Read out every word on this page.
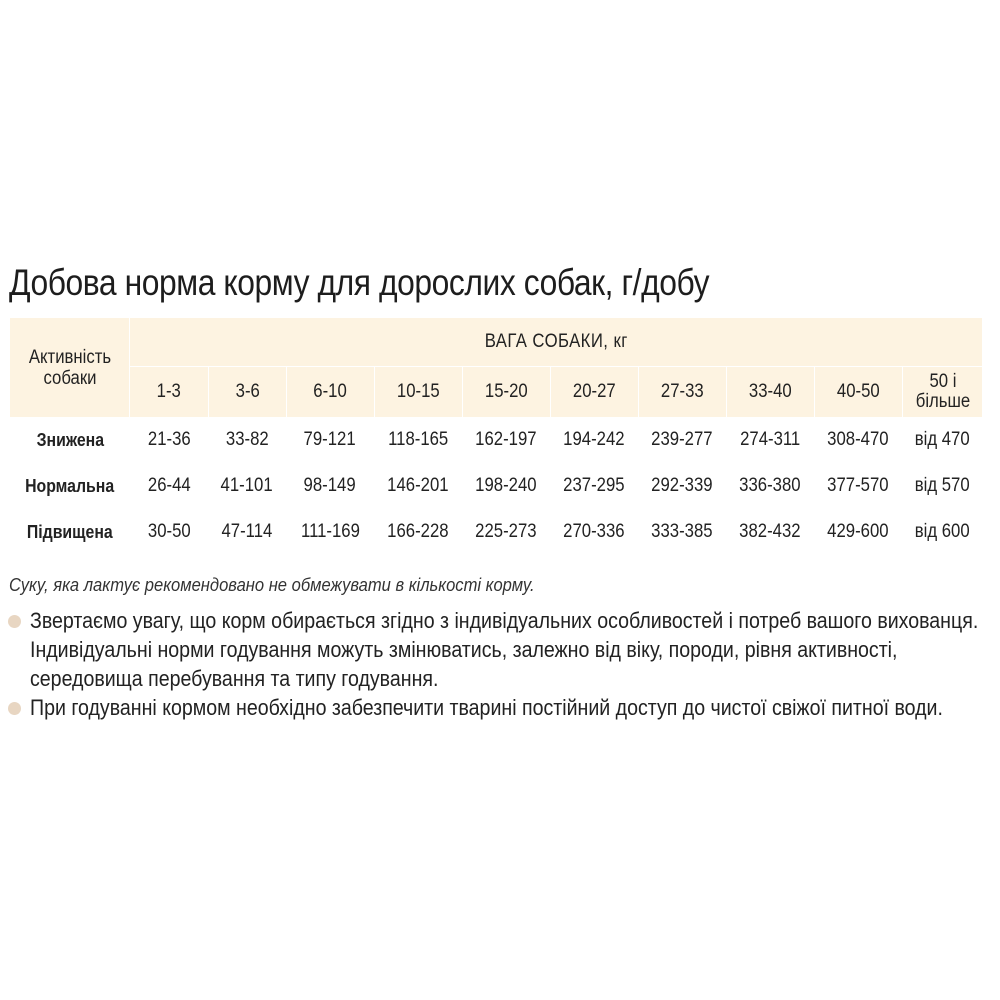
Добова норма корму для дорослих собак, г/добу
Активність собаки	ВАГА СОБАКИ, кг									
	1-3	3-6	6-10	10-15	15-20	20-27	27-33	33-40	40-50	50 і більше
Знижена	21-36	33-82	79-121	118-165	162-197	194-242	239-277	274-311	308-470	від 470
Нормальна	26-44	41-101	98-149	146-201	198-240	237-295	292-339	336-380	377-570	від 570
Підвищена	30-50	47-114	111-169	166-228	225-273	270-336	333-385	382-432	429-600	від 600
Суку, яка лактує рекомендовано не обмежувати в кількості корму.
Звертаємо увагу, що корм обирається згідно з індивідуальних особливостей і потреб вашого вихованця. Індивідуальні норми годування можуть змінюватись, залежно від віку, породи, рівня активності, середовища перебування та типу годування.
При годуванні кормом необхідно забезпечити тварині постійний доступ до чистої свіжої питної води.
